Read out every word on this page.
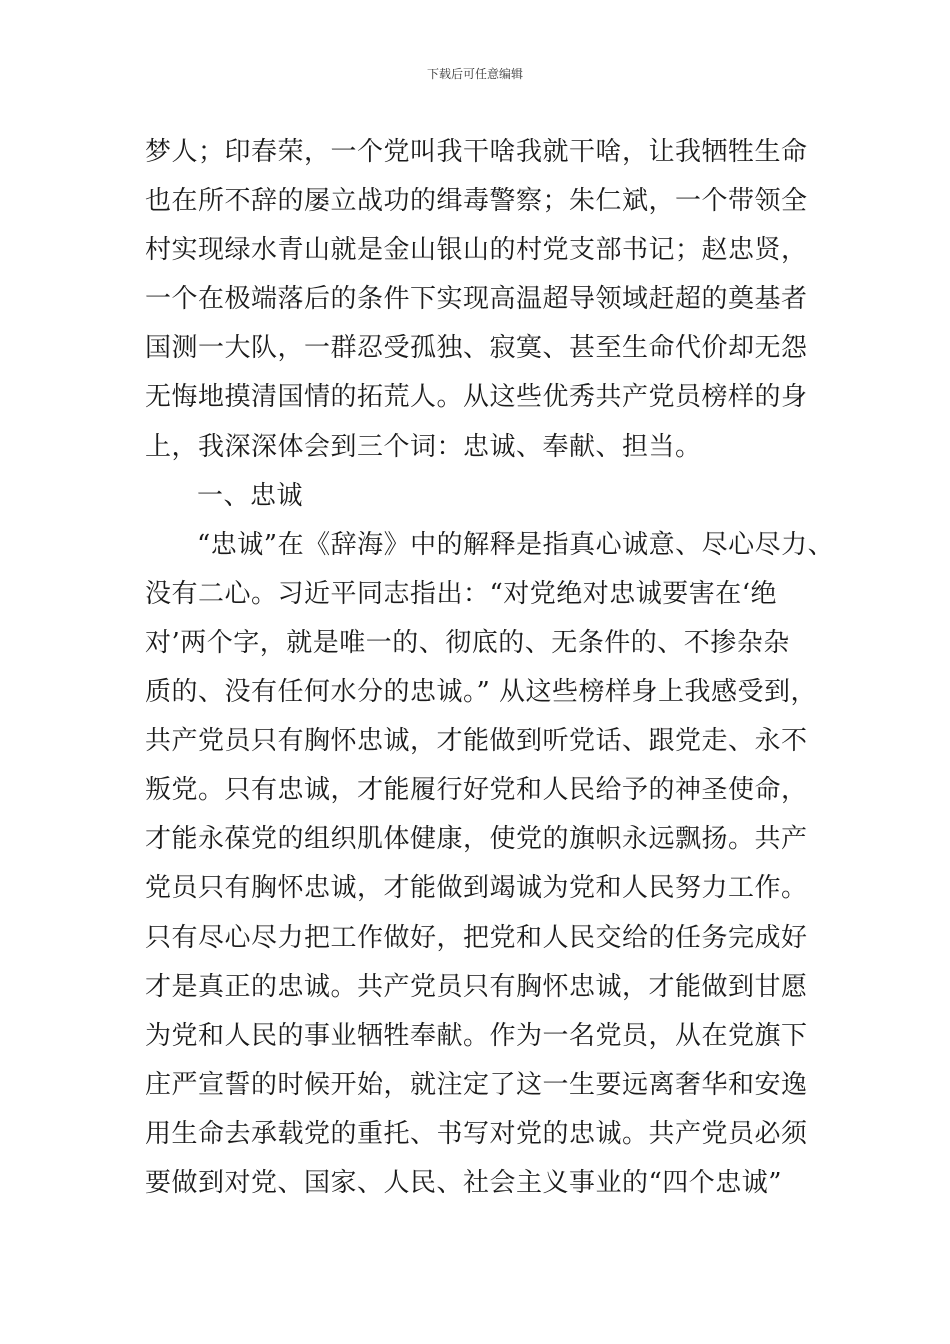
下载后可任意编辑
梦人；印春荣，一个党叫我干啥我就干啥，让我牺牲生命
也在所不辞的屡立战功的缉毒警察；朱仁斌，一个带领全
村实现绿水青山就是金山银山的村党支部书记；赵忠贤，
一个在极端落后的条件下实现高温超导领域赶超的奠基者
国测一大队，一群忍受孤独、寂寞、甚至生命代价却无怨
无悔地摸清国情的拓荒人。从这些优秀共产党员榜样的身
上，我深深体会到三个词：忠诚、奉献、担当。
一、忠诚
“忠诚”在《辞海》中的解释是指真心诚意、尽心尽力、
没有二心。习近平同志指出：“对党绝对忠诚要害在‘绝
对’两个字，就是唯一的、彻底的、无条件的、不掺杂杂
质的、没有任何水分的忠诚。” 从这些榜样身上我感受到，
共产党员只有胸怀忠诚，才能做到听党话、跟党走、永不
叛党。只有忠诚，才能履行好党和人民给予的神圣使命，
才能永葆党的组织肌体健康，使党的旗帜永远飘扬。共产
党员只有胸怀忠诚，才能做到竭诚为党和人民努力工作。
只有尽心尽力把工作做好，把党和人民交给的任务完成好
才是真正的忠诚。共产党员只有胸怀忠诚，才能做到甘愿
为党和人民的事业牺牲奉献。作为一名党员，从在党旗下
庄严宣誓的时候开始，就注定了这一生要远离奢华和安逸
用生命去承载党的重托、书写对党的忠诚。共产党员必须
要做到对党、国家、人民、社会主义事业的“四个忠诚”
